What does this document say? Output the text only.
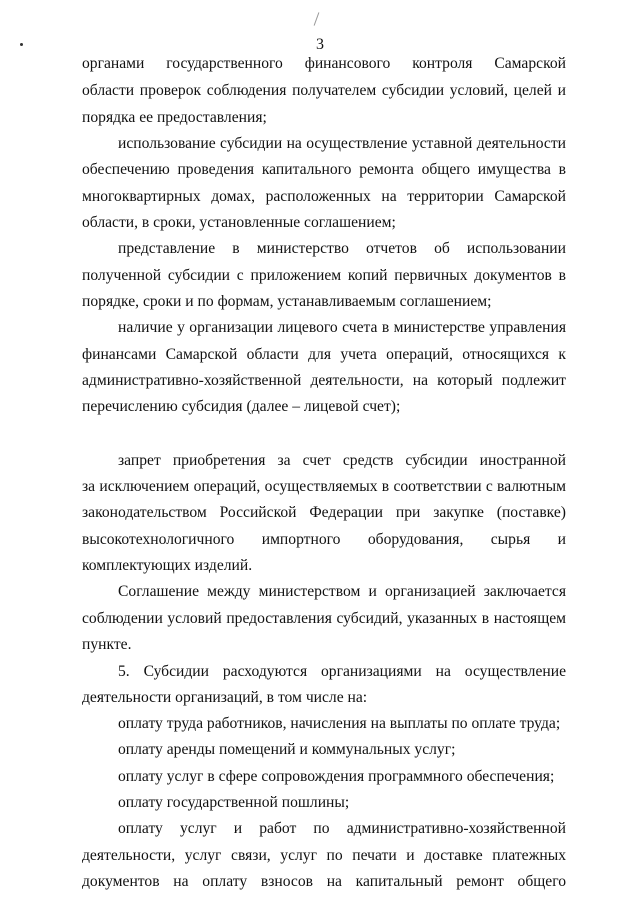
3
органами государственного финансового контроля Самарской
области проверок соблюдения получателем субсидии условий, целей и
порядка ее предоставления;
использование субсидии на осуществление уставной деятельности
обеспечению проведения капитального ремонта общего имущества в
многоквартирных домах, расположенных на территории Самарской
области, в сроки, установленные соглашением;
представление в министерство отчетов об использовании
полученной субсидии с приложением копий первичных документов в
порядке, сроки и по формам, устанавливаемым соглашением;
наличие у организации лицевого счета в министерстве управления
финансами Самарской области для учета операций, относящихся к
административно-хозяйственной деятельности, на который подлежит
перечислению субсидия (далее – лицевой счет);
запрет приобретения за счет средств субсидии иностранной
за исключением операций, осуществляемых в соответствии с валютным
законодательством Российской Федерации при закупке (поставке)
высокотехнологичного импортного оборудования, сырья и
комплектующих изделий.
Соглашение между министерством и организацией заключается
соблюдении условий предоставления субсидий, указанных в настоящем
пункте.
5. Субсидии расходуются организациями на осуществление
деятельности организаций, в том числе на:
оплату труда работников, начисления на выплаты по оплате труда;
оплату аренды помещений и коммунальных услуг;
оплату услуг в сфере сопровождения программного обеспечения;
оплату государственной пошлины;
оплату услуг и работ по административно-хозяйственной
деятельности, услуг связи, услуг по печати и доставке платежных
документов на оплату взносов на капитальный ремонт общего
